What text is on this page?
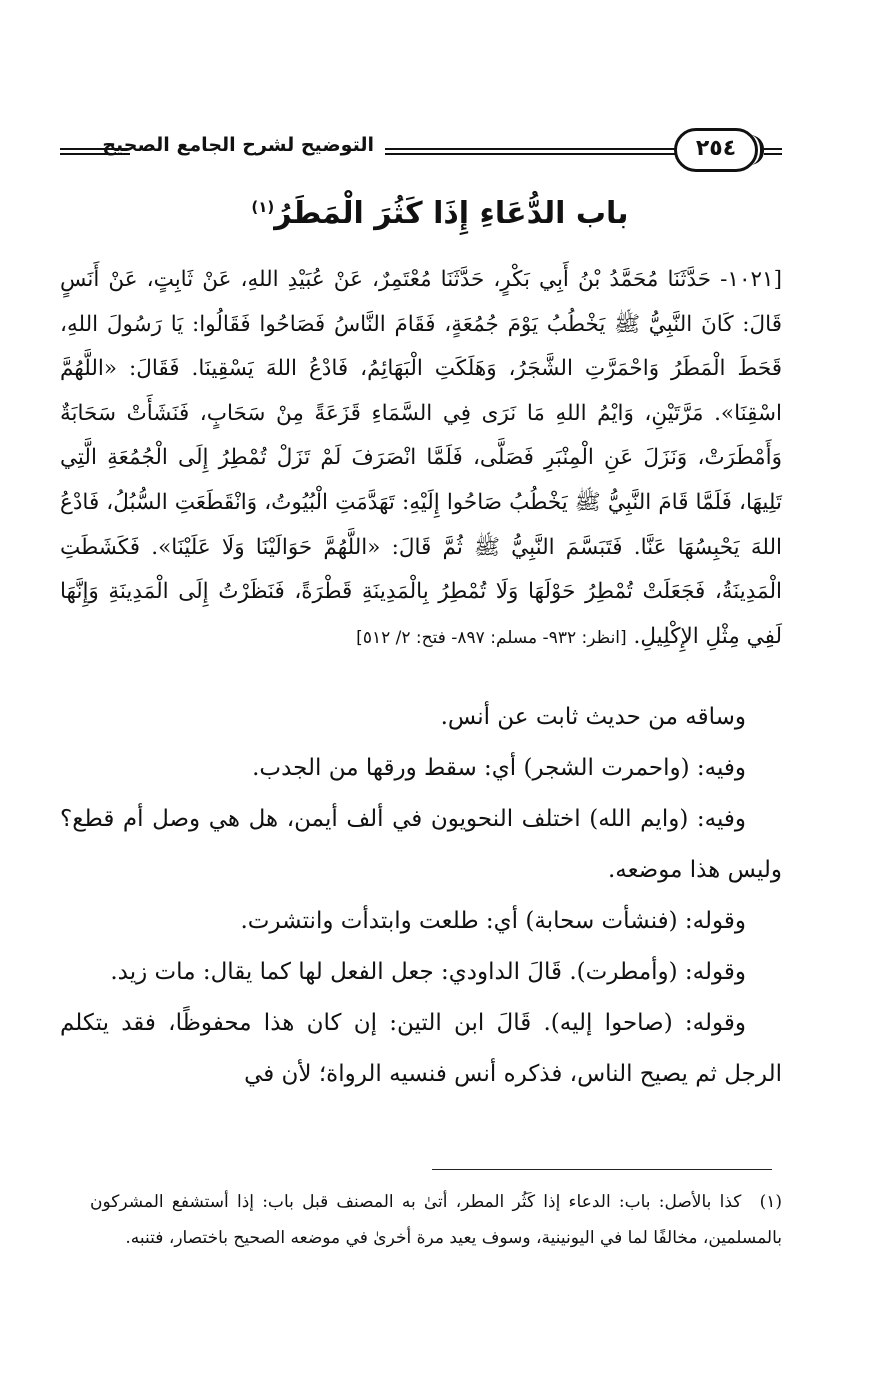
التوضيح لشرح الجامع الصحيح	٢٥٤
باب الدُّعَاءِ إِذَا كَثُرَ الْمَطَرُ$^{(١)}$
[١٠٢١- حَدَّثَنَا مُحَمَّدُ بْنُ أَبِي بَكْرٍ، حَدَّثَنَا مُعْتَمِرٌ، عَنْ عُبَيْدِ اللهِ، عَنْ ثَابِتٍ، عَنْ أَنَسٍ قَالَ: كَانَ النَّبِيُّ ﷺ يَخْطُبُ يَوْمَ جُمُعَةٍ، فَقَامَ النَّاسُ فَصَاحُوا فَقَالُوا: يَا رَسُولَ اللهِ، قَحَطَ الْمَطَرُ وَاحْمَرَّتِ الشَّجَرُ، وَهَلَكَتِ الْبَهَائِمُ، فَادْعُ اللهَ يَسْقِينَا. فَقَالَ: «اللَّهُمَّ اسْقِنَا». مَرَّتَيْنِ، وَايْمُ اللهِ مَا نَرَى فِي السَّمَاءِ قَزَعَةً مِنْ سَحَابٍ، فَنَشَأَتْ سَحَابَةٌ وَأَمْطَرَتْ، وَنَزَلَ عَنِ الْمِنْبَرِ فَصَلَّى، فَلَمَّا انْصَرَفَ لَمْ تَزَلْ تُمْطِرُ إِلَى الْجُمُعَةِ الَّتِي تَلِيهَا، فَلَمَّا قَامَ النَّبِيُّ ﷺ يَخْطُبُ صَاحُوا إِلَيْهِ: تَهَدَّمَتِ الْبُيُوتُ، وَانْقَطَعَتِ السُّبُلُ، فَادْعُ اللهَ يَحْبِسُهَا عَنَّا. فَتَبَسَّمَ النَّبِيُّ ﷺ ثُمَّ قَالَ: «اللَّهُمَّ حَوَالَيْنَا وَلَا عَلَيْنَا». فَكَشَطَتِ الْمَدِينَةُ، فَجَعَلَتْ تُمْطِرُ حَوْلَهَا وَلَا تُمْطِرُ بِالْمَدِينَةِ قَطْرَةً، فَنَظَرْتُ إِلَى الْمَدِينَةِ وَإِنَّهَا لَفِي مِثْلِ الإِكْلِيلِ. [انظر: ٩٣٢- مسلم: ٨٩٧- فتح: ٢/ ٥١٢]

وساقه من حديث ثابت عن أنس.

وفيه: (واحمرت الشجر) أي: سقط ورقها من الجدب.

وفيه: (وايم الله) اختلف النحويون في ألف أيمن، هل هي وصل أم قطع؟ وليس هذا موضعه.

وقوله: (فنشأت سحابة) أي: طلعت وابتدأت وانتشرت.

وقوله: (وأمطرت). قَالَ الداودي: جعل الفعل لها كما يقال: مات زيد.

وقوله: (صاحوا إليه). قَالَ ابن التين: إن كان هذا محفوظًا، فقد يتكلم الرجل ثم يصيح الناس، فذكره أنس فنسيه الرواة؛ لأن في

(١) كذا بالأصل: باب: الدعاء إذا كَثُر المطر، أتىٰ به المصنف قبل باب: إذا أستشفع المشركون بالمسلمين، مخالفًا لما في اليونينية، وسوف يعيد مرة أخرىٰ في موضعه الصحيح باختصار، فتنبه.
